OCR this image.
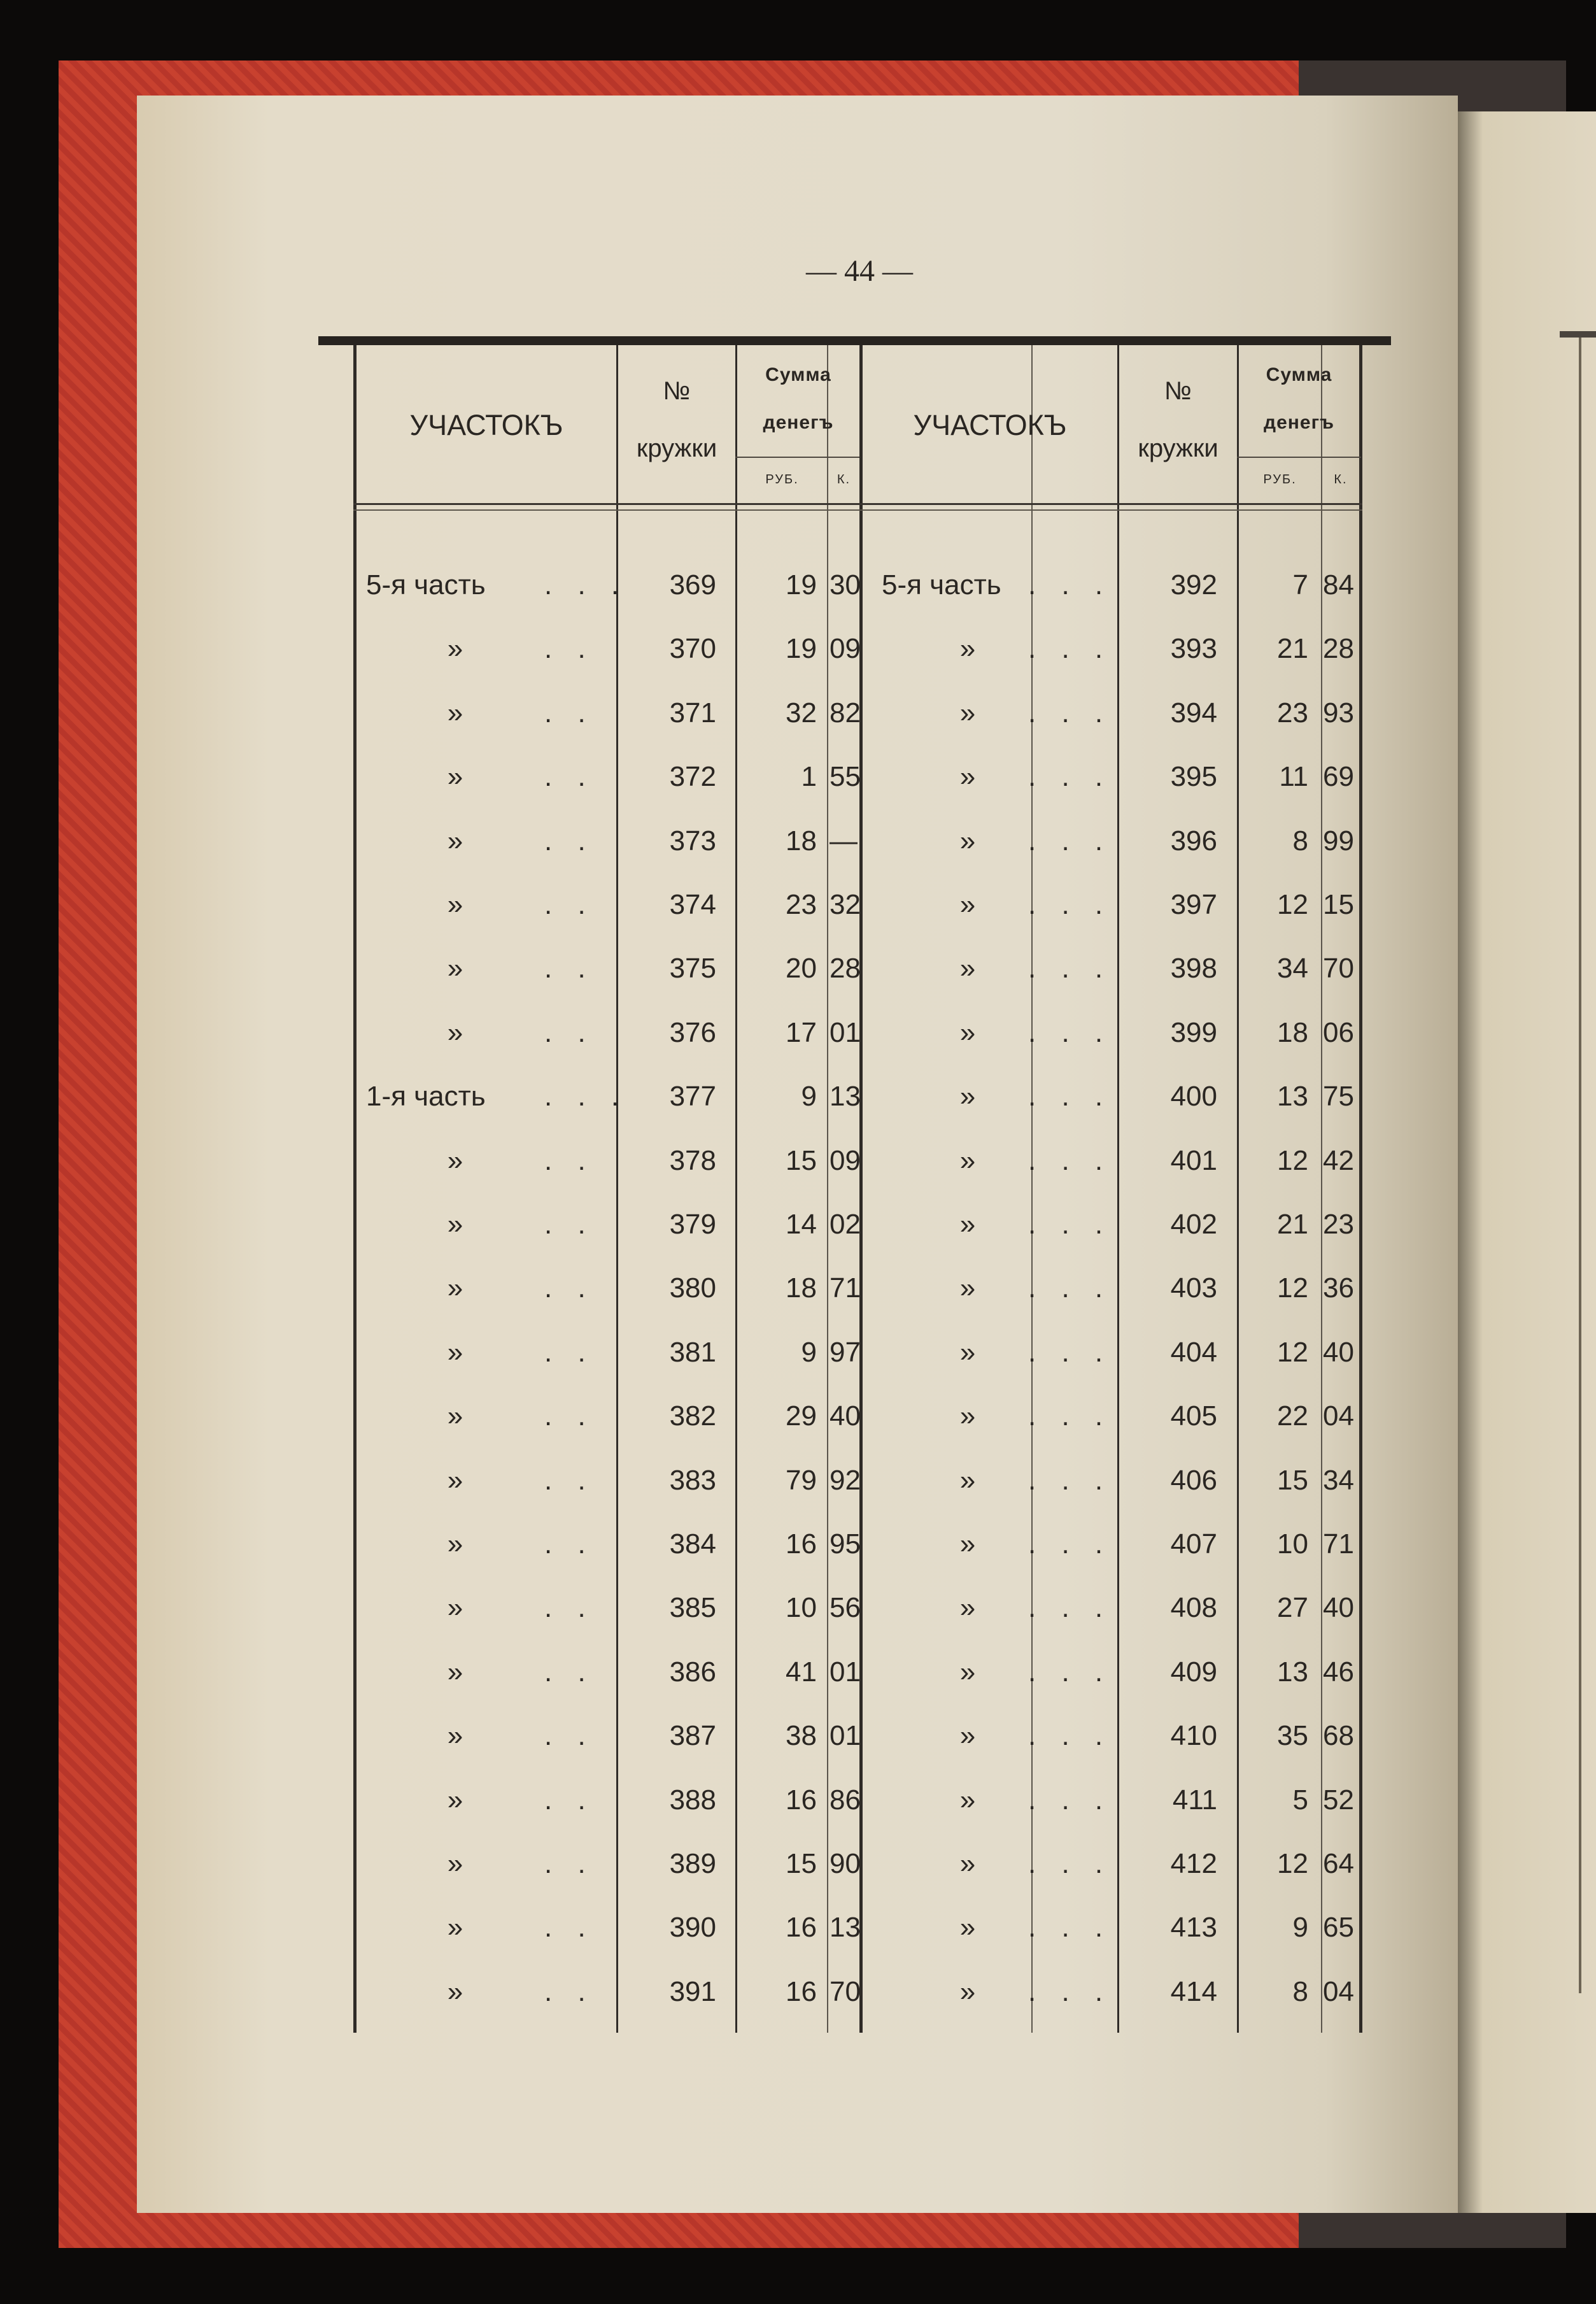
— 44 —
УЧАСТОКЪ
№
кружки
Сумма
денегъ
РУБ.	К.
УЧАСТОКЪ
№
кружки
Сумма
денегъ
РУБ.	К.
5-я часть . . .	369	19 30
»	. .	370	19 09
»	. .	371	32 82
»	. .	372	1 55
»	. .	373	18 —
»	. .	374	23 32
»	. .	375	20 28
»	. .	376	17 01
1-я часть . . .	377	9 13
»	. .	378	15 09
»	. .	379	14 02
»	. .	380	18 71
»	. .	381	9 97
»	. .	382	29 40
»	. .	383	79 92
»	. .	384	16 95
»	. .	385	10 56
»	. .	386	41 01
»	. .	387	38 01
»	. .	388	16 86
»	. .	389	15 90
»	. .	390	16 13
»	. .	391	16 70
5-я часть . . .	392	7 84
» . . .	393	21 28
» . . .	394	23 93
» . . .	395	11 69
» . . .	396	8 99
» . . .	397	12 15
» . . .	398	34 70
» . . .	399	18 06
» . . .	400	13 75
» . . .	401	12 42
» . . .	402	21 23
» . . .	403	12 36
» . . .	404	12 40
» . . .	405	22 04
» . . .	406	15 34
» . . .	407	10 71
» . . .	408	27 40
» . . .	409	13 46
» . . .	410	35 68
» . . .	411	5 52
» . . .	412	12 64
» . . .	413	9 65
» . . .	414	8 04
